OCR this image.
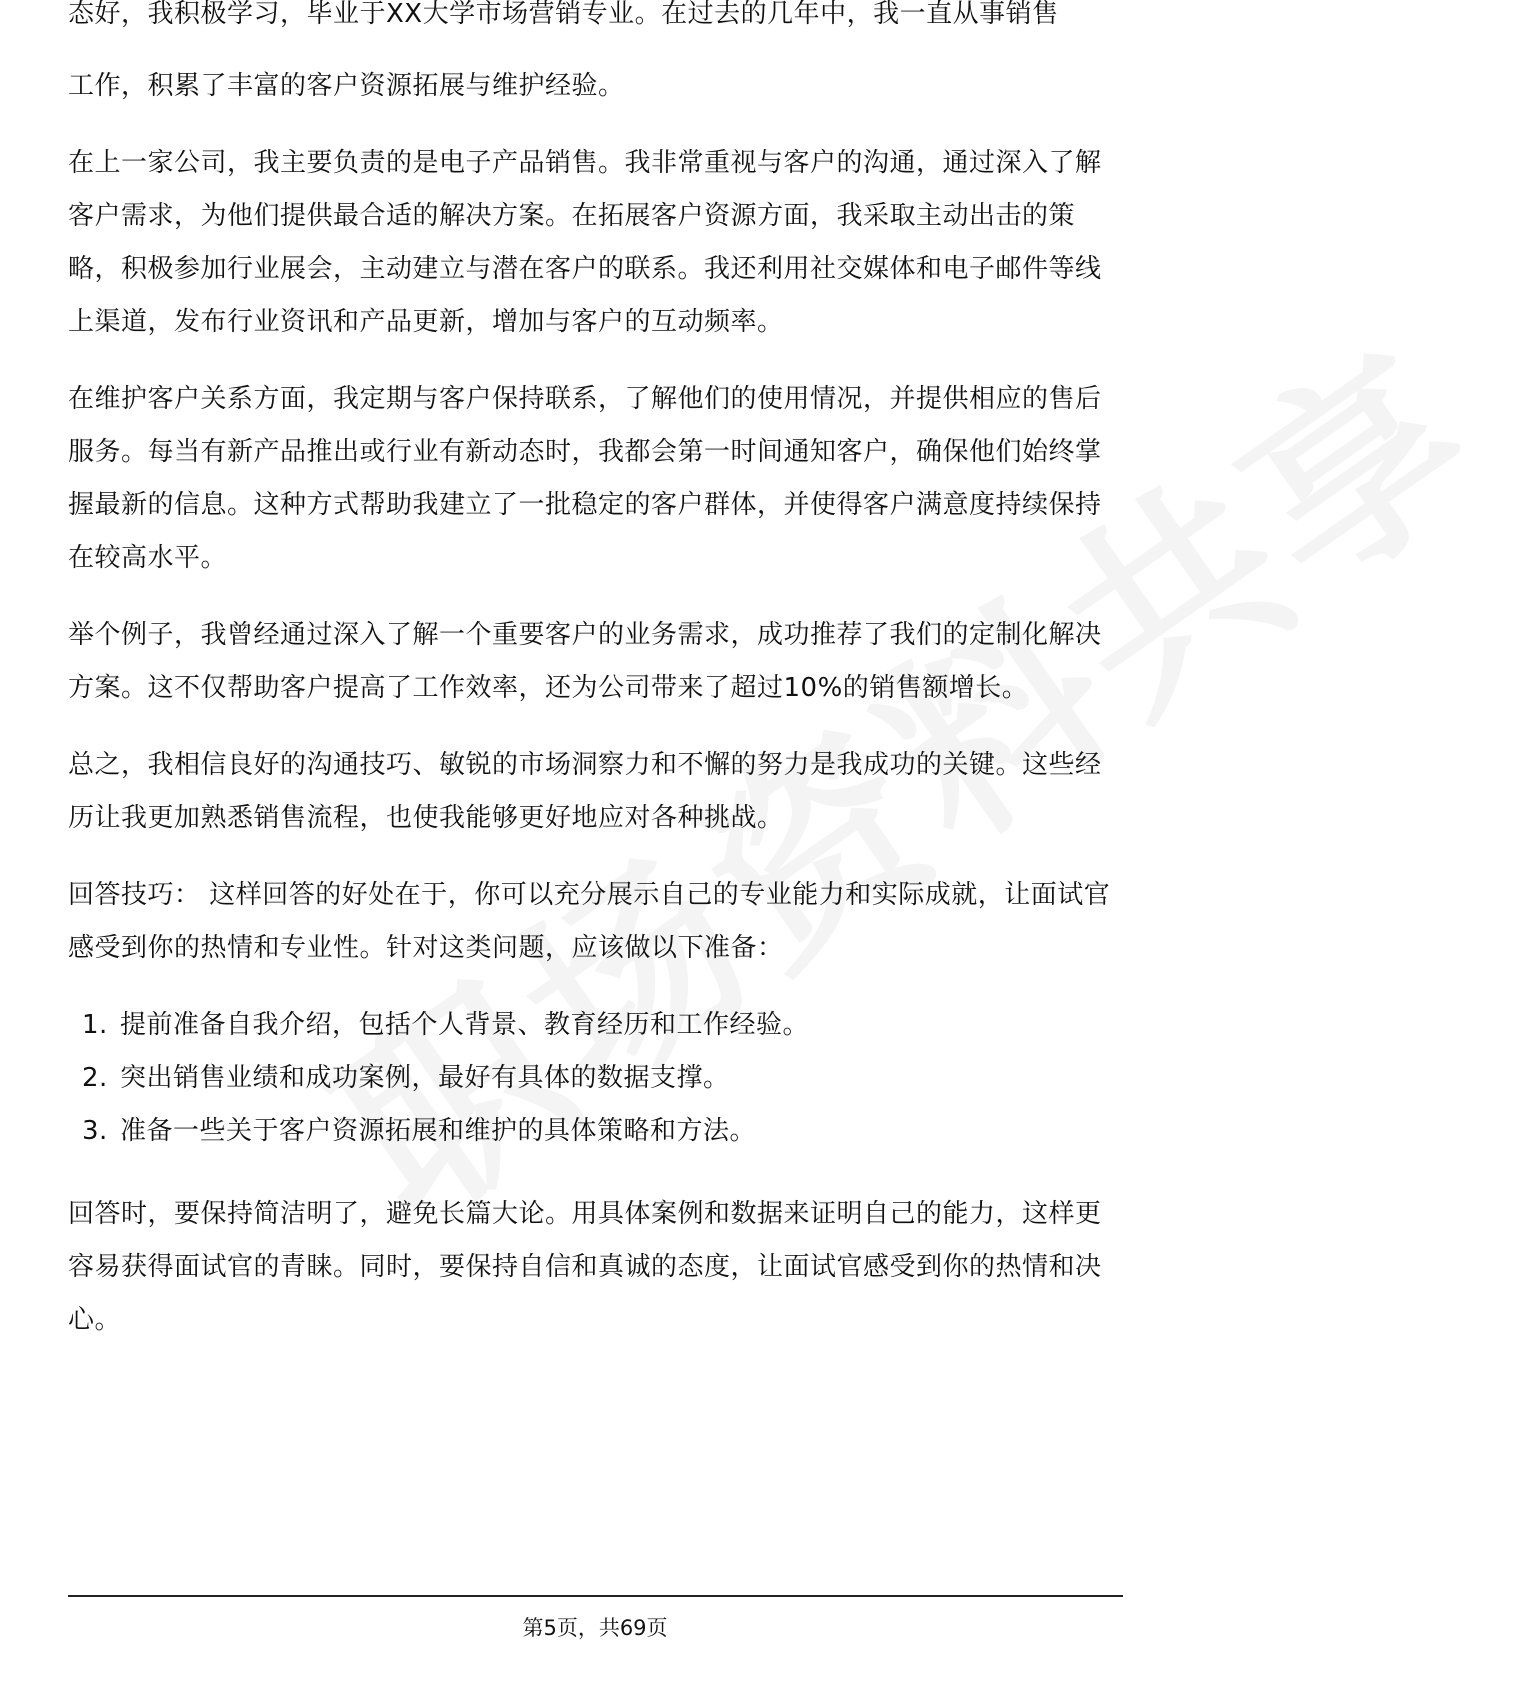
态好，我积极学习，毕业于XX大学市场营销专业。在过去的几年中，我一直从事销售

工作，积累了丰富的客户资源拓展与维护经验。

在上一家公司，我主要负责的是电子产品销售。我非常重视与客户的沟通，通过深入了解客户需求，为他们提供最合适的解决方案。在拓展客户资源方面，我采取主动出击的策略，积极参加行业展会，主动建立与潜在客户的联系。我还利用社交媒体和电子邮件等线上渠道，发布行业资讯和产品更新，增加与客户的互动频率。

在维护客户关系方面，我定期与客户保持联系，了解他们的使用情况，并提供相应的售后服务。每当有新产品推出或行业有新动态时，我都会第一时间通知客户，确保他们始终掌握最新的信息。这种方式帮助我建立了一批稳定的客户群体，并使得客户满意度持续保持在较高水平。

举个例子，我曾经通过深入了解一个重要客户的业务需求，成功推荐了我们的定制化解决方案。这不仅帮助客户提高了工作效率，还为公司带来了超过10%的销售额增长。

总之，我相信良好的沟通技巧、敏锐的市场洞察力和不懈的努力是我成功的关键。这些经历让我更加熟悉销售流程，也使我能够更好地应对各种挑战。

回答技巧： 这样回答的好处在于，你可以充分展示自己的专业能力和实际成就，让面试官感受到你的热情和专业性。针对这类问题，应该做以下准备：

1. 提前准备自我介绍，包括个人背景、教育经历和工作经验。
2. 突出销售业绩和成功案例，最好有具体的数据支撑。
3. 准备一些关于客户资源拓展和维护的具体策略和方法。

回答时，要保持简洁明了，避免长篇大论。用具体案例和数据来证明自己的能力，这样更容易获得面试官的青睐。同时，要保持自信和真诚的态度，让面试官感受到你的热情和决心。

第5页，共69页
